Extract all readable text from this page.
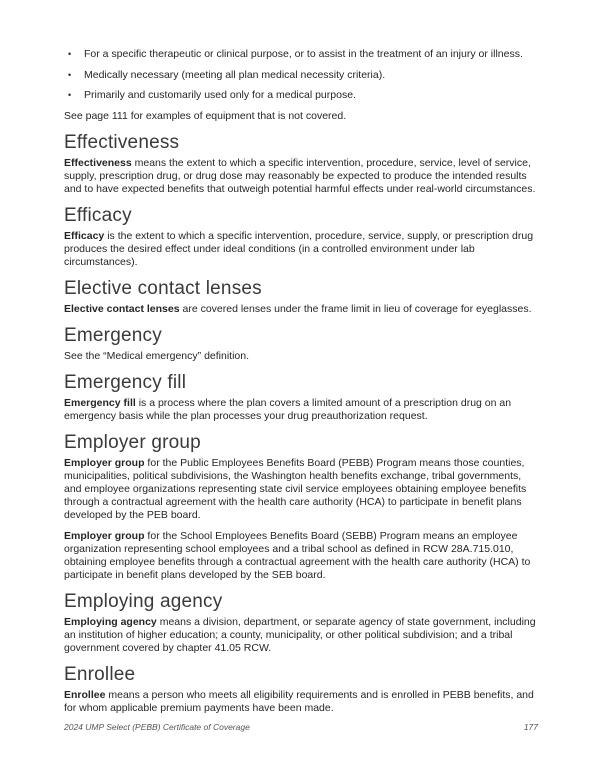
•	For a specific therapeutic or clinical purpose, or to assist in the treatment of an injury or illness.
•	Medically necessary (meeting all plan medical necessity criteria).
•	Primarily and customarily used only for a medical purpose.

See page 111 for examples of equipment that is not covered.

Effectiveness

Effectiveness means the extent to which a specific intervention, procedure, service, level of service, supply, prescription drug, or drug dose may reasonably be expected to produce the intended results and to have expected benefits that outweigh potential harmful effects under real-world circumstances.

Efficacy

Efficacy is the extent to which a specific intervention, procedure, service, supply, or prescription drug produces the desired effect under ideal conditions (in a controlled environment under lab circumstances).

Elective contact lenses

Elective contact lenses are covered lenses under the frame limit in lieu of coverage for eyeglasses.

Emergency

See the “Medical emergency” definition.

Emergency fill

Emergency fill is a process where the plan covers a limited amount of a prescription drug on an emergency basis while the plan processes your drug preauthorization request.

Employer group

Employer group for the Public Employees Benefits Board (PEBB) Program means those counties, municipalities, political subdivisions, the Washington health benefits exchange, tribal governments, and employee organizations representing state civil service employees obtaining employee benefits through a contractual agreement with the health care authority (HCA) to participate in benefit plans developed by the PEB board.

Employer group for the School Employees Benefits Board (SEBB) Program means an employee organization representing school employees and a tribal school as defined in RCW 28A.715.010, obtaining employee benefits through a contractual agreement with the health care authority (HCA) to participate in benefit plans developed by the SEB board.

Employing agency

Employing agency means a division, department, or separate agency of state government, including an institution of higher education; a county, municipality, or other political subdivision; and a tribal government covered by chapter 41.05 RCW.

Enrollee

Enrollee means a person who meets all eligibility requirements and is enrolled in PEBB benefits, and for whom applicable premium payments have been made.

2024 UMP Select (PEBB) Certificate of Coverage	177
